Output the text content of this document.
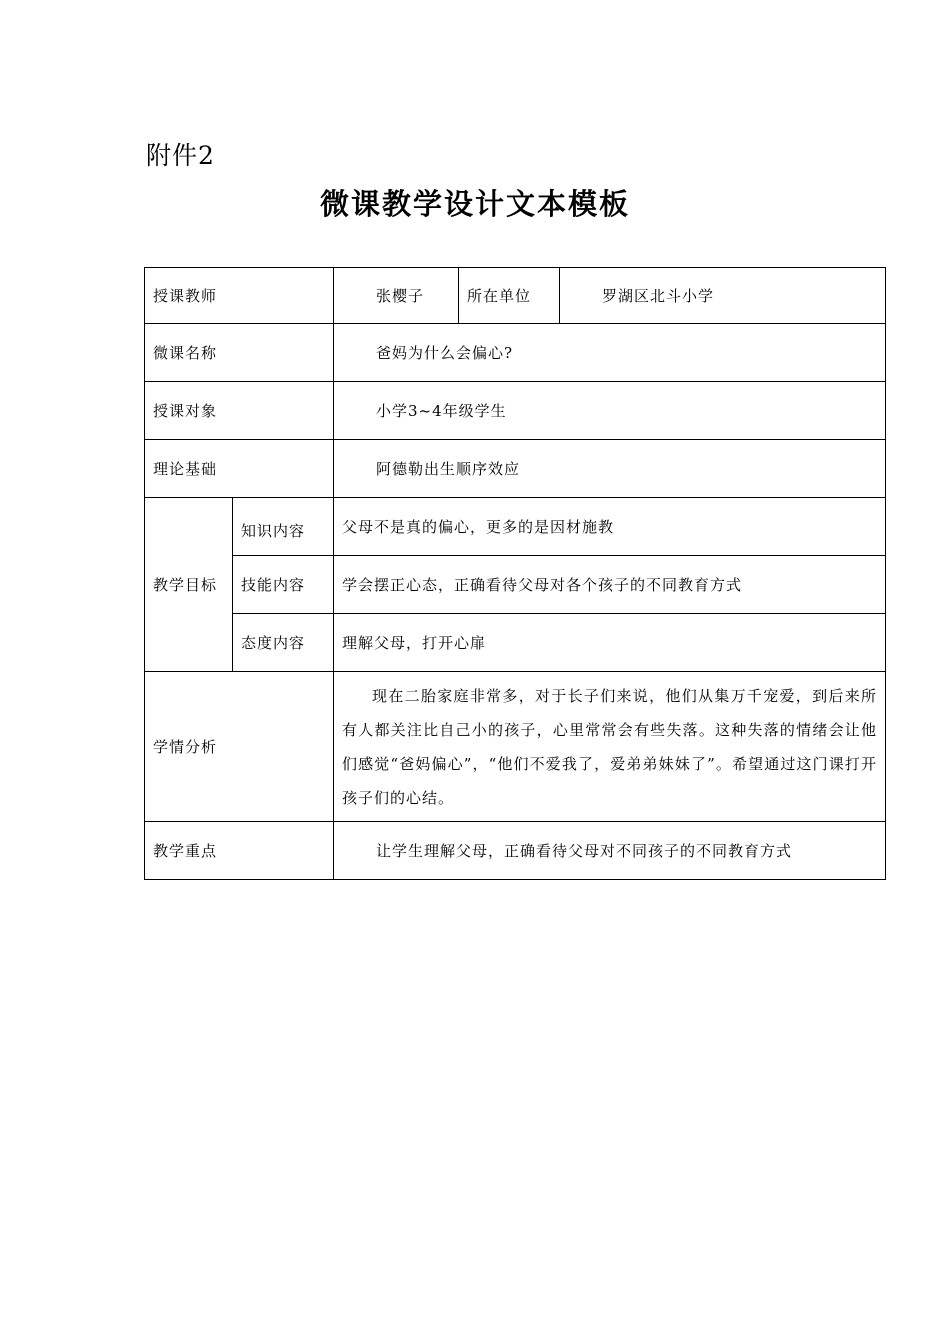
附件2
微课教学设计文本模板
授课教师		张樱子	所在单位	罗湖区北斗小学
微课名称		爸妈为什么会偏心?		
授课对象		小学3~4年级学生		
理论基础		阿德勒出生顺序效应		
教学目标	知识内容	父母不是真的偏心，更多的是因材施教		
	技能内容	学会摆正心态，正确看待父母对各个孩子的不同教育方式		
	态度内容	理解父母，打开心扉		
学情分析		现在二胎家庭非常多，对于长子们来说，他们从集万千宠爱，到后来所有人都关注比自己小的孩子，心里常常会有些失落。这种失落的情绪会让他们感觉“爸妈偏心”，“他们不爱我了，爱弟弟妹妹了”。希望通过这门课打开孩子们的心结。		
教学重点		让学生理解父母，正确看待父母对不同孩子的不同教育方式		
